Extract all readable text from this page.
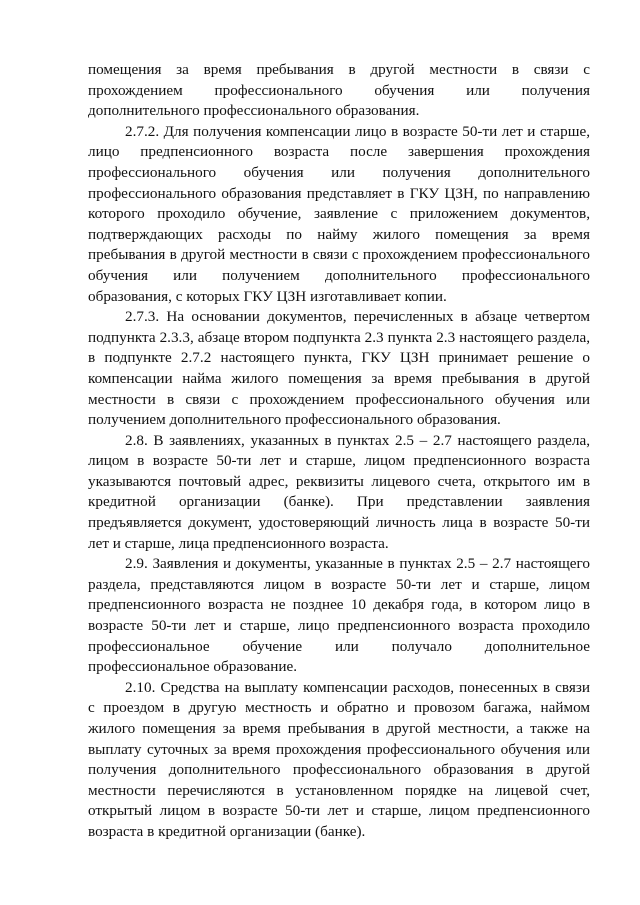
помещения за время пребывания в другой местности в связи с прохождением профессионального обучения или получения дополнительного профессионального образования.

2.7.2. Для получения компенсации лицо в возрасте 50-ти лет и старше, лицо предпенсионного возраста после завершения прохождения профессионального обучения или получения дополнительного профессионального образования представляет в ГКУ ЦЗН, по направлению которого проходило обучение, заявление с приложением документов, подтверждающих расходы по найму жилого помещения за время пребывания в другой местности в связи с прохождением профессионального обучения или получением дополнительного профессионального образования, с которых ГКУ ЦЗН изготавливает копии.

2.7.3. На основании документов, перечисленных в абзаце четвертом подпункта 2.3.3, абзаце втором подпункта 2.3 пункта 2.3 настоящего раздела, в подпункте 2.7.2 настоящего пункта, ГКУ ЦЗН принимает решение о компенсации найма жилого помещения за время пребывания в другой местности в связи с прохождением профессионального обучения или получением дополнительного профессионального образования.

2.8. В заявлениях, указанных в пунктах 2.5 – 2.7 настоящего раздела, лицом в возрасте 50-ти лет и старше, лицом предпенсионного возраста указываются почтовый адрес, реквизиты лицевого счета, открытого им в кредитной организации (банке). При представлении заявления предъявляется документ, удостоверяющий личность лица в возрасте 50-ти лет и старше, лица предпенсионного возраста.

2.9. Заявления и документы, указанные в пунктах 2.5 – 2.7 настоящего раздела, представляются лицом в возрасте 50-ти лет и старше, лицом предпенсионного возраста не позднее 10 декабря года, в котором лицо в возрасте 50-ти лет и старше, лицо предпенсионного возраста проходило профессиональное обучение или получало дополнительное профессиональное образование.

2.10. Средства на выплату компенсации расходов, понесенных в связи с проездом в другую местность и обратно и провозом багажа, наймом жилого помещения за время пребывания в другой местности, а также на выплату суточных за время прохождения профессионального обучения или получения дополнительного профессионального образования в другой местности перечисляются в установленном порядке на лицевой счет, открытый лицом в возрасте 50-ти лет и старше, лицом предпенсионного возраста в кредитной организации (банке).
